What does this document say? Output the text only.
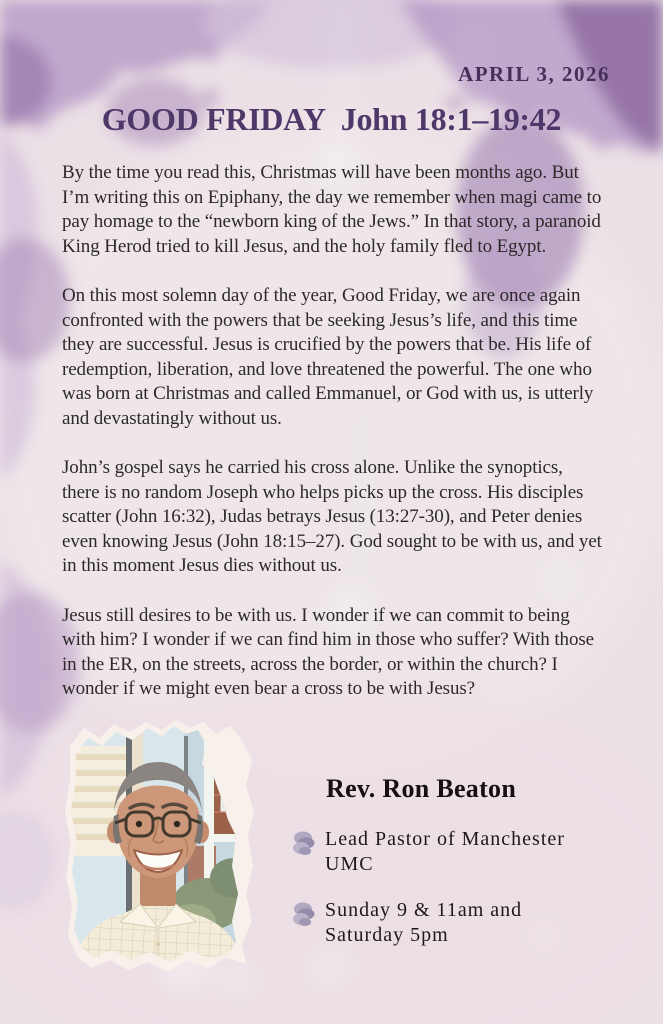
APRIL 3, 2026
GOOD FRIDAY John 18:1–19:42

By the time you read this, Christmas will have been months ago. But I’m writing this on Epiphany, the day we remember when magi came to pay homage to the “newborn king of the Jews.” In that story, a paranoid King Herod tried to kill Jesus, and the holy family fled to Egypt.

On this most solemn day of the year, Good Friday, we are once again confronted with the powers that be seeking Jesus’s life, and this time they are successful. Jesus is crucified by the powers that be. His life of redemption, liberation, and love threatened the powerful. The one who was born at Christmas and called Emmanuel, or God with us, is utterly and devastatingly without us.

John’s gospel says he carried his cross alone. Unlike the synoptics, there is no random Joseph who helps picks up the cross. His disciples scatter (John 16:32), Judas betrays Jesus (13:27-30), and Peter denies even knowing Jesus (John 18:15–27). God sought to be with us, and yet in this moment Jesus dies without us.

Jesus still desires to be with us. I wonder if we can commit to being with him? I wonder if we can find him in those who suffer? With those in the ER, on the streets, across the border, or within the church? I wonder if we might even bear a cross to be with Jesus?

Rev. Ron Beaton
Lead Pastor of Manchester UMC
Sunday 9 & 11am and Saturday 5pm
